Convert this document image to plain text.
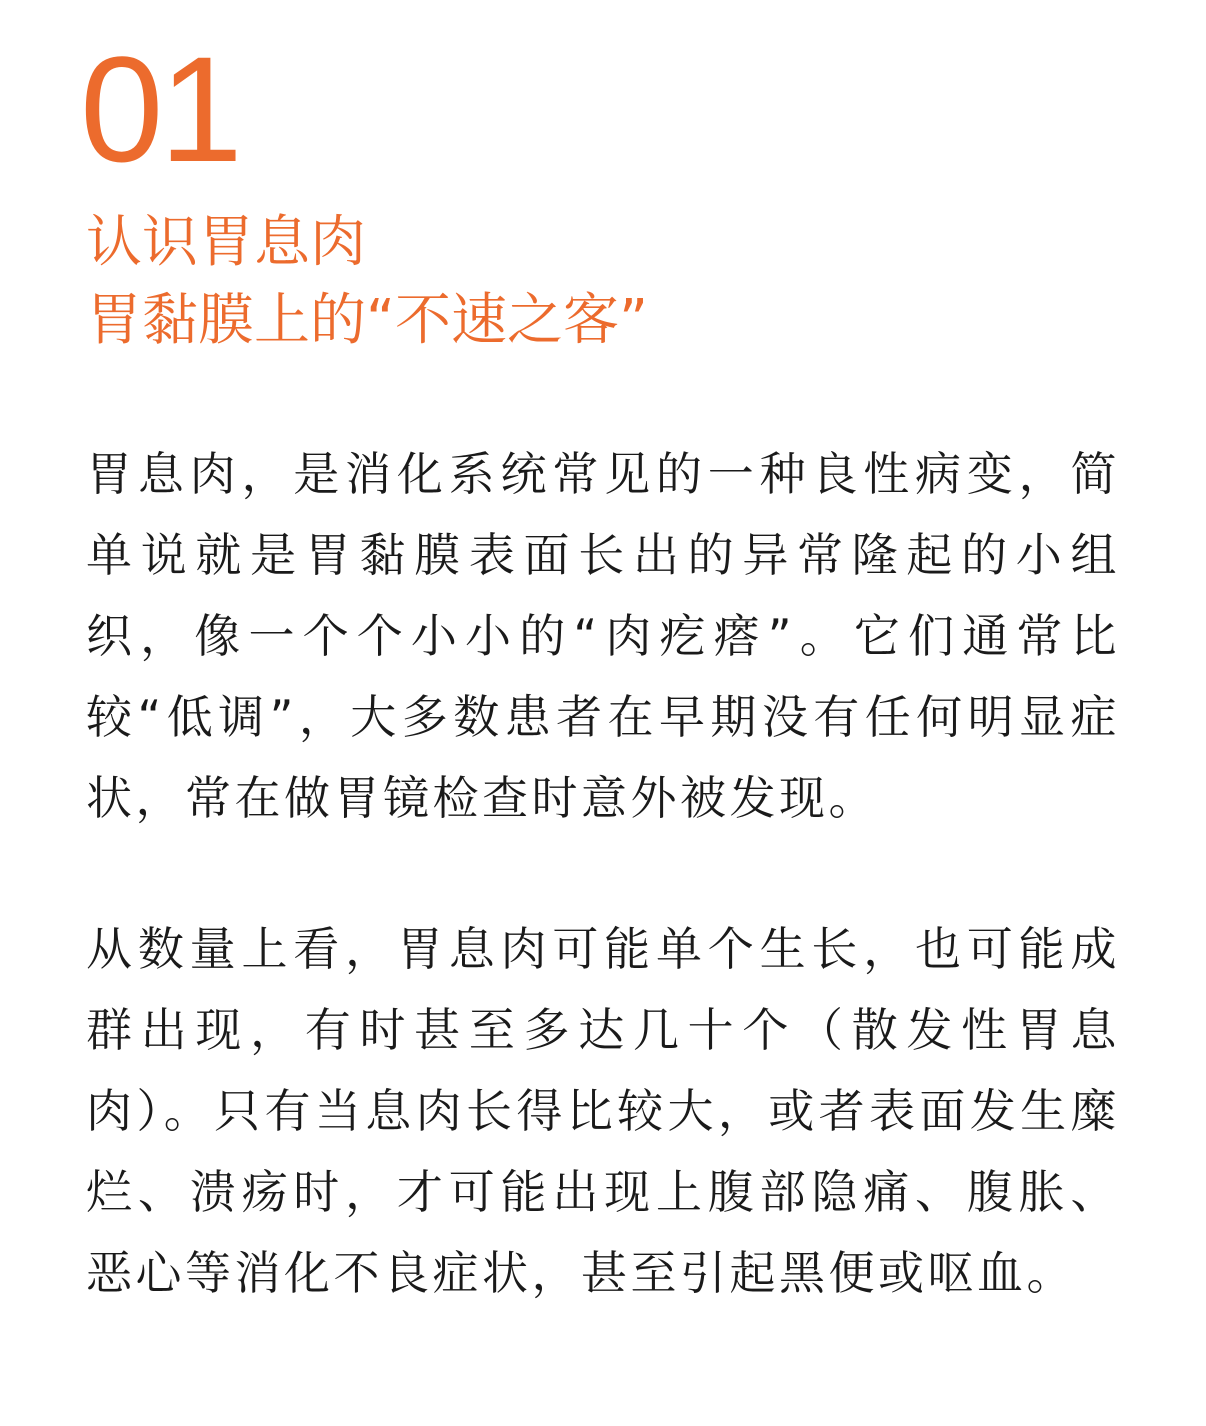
01
认识胃息肉
胃黏膜上的“不速之客”

胃息肉，是消化系统常见的一种良性病变，简单说就是胃黏膜表面长出的异常隆起的小组织，像一个个小小的“肉疙瘩”。它们通常比较“低调”，大多数患者在早期没有任何明显症状，常在做胃镜检查时意外被发现。

从数量上看，胃息肉可能单个生长，也可能成群出现，有时甚至多达几十个（散发性胃息肉）。只有当息肉长得比较大，或者表面发生糜烂、溃疡时，才可能出现上腹部隐痛、腹胀、恶心等消化不良症状，甚至引起黑便或呕血。
